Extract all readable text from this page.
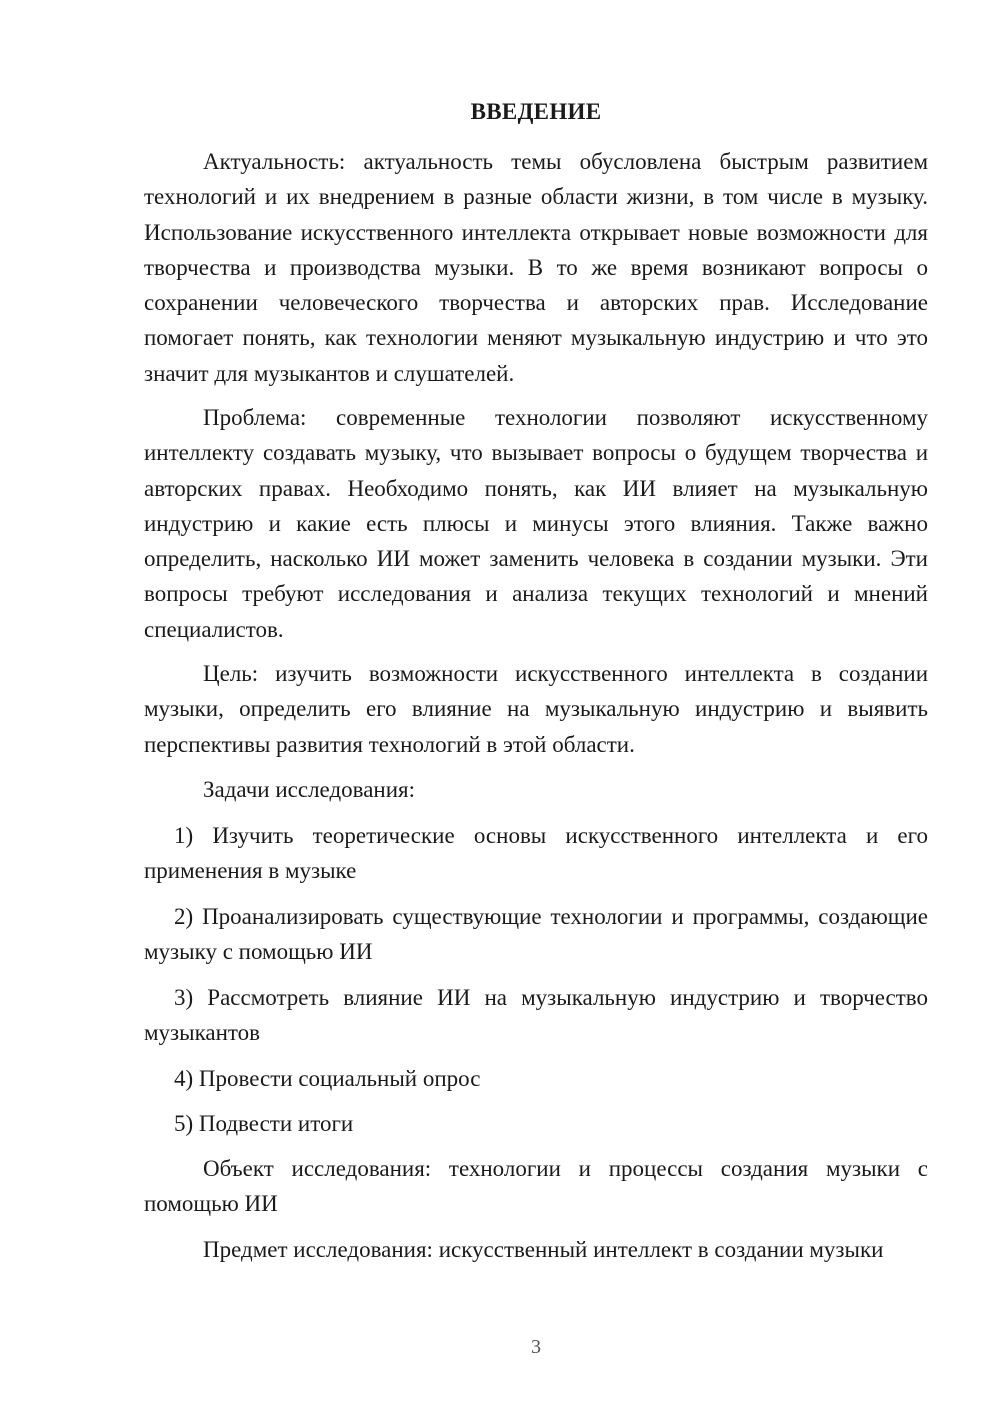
ВВЕДЕНИЕ

Актуальность: актуальность темы обусловлена быстрым развитием технологий и их внедрением в разные области жизни, в том числе в музыку. Использование искусственного интеллекта открывает новые возможности для творчества и производства музыки. В то же время возникают вопросы о сохранении человеческого творчества и авторских прав. Исследование помогает понять, как технологии меняют музыкальную индустрию и что это значит для музыкантов и слушателей.

Проблема: современные технологии позволяют искусственному интеллекту создавать музыку, что вызывает вопросы о будущем творчества и авторских правах. Необходимо понять, как ИИ влияет на музыкальную индустрию и какие есть плюсы и минусы этого влияния. Также важно определить, насколько ИИ может заменить человека в создании музыки. Эти вопросы требуют исследования и анализа текущих технологий и мнений специалистов.

Цель: изучить возможности искусственного интеллекта в создании музыки, определить его влияние на музыкальную индустрию и выявить перспективы развития технологий в этой области.

Задачи исследования:

1) Изучить теоретические основы искусственного интеллекта и его применения в музыке

2) Проанализировать существующие технологии и программы, создающие музыку с помощью ИИ

3) Рассмотреть влияние ИИ на музыкальную индустрию и творчество музыкантов

4) Провести социальный опрос

5) Подвести итоги

Объект исследования: технологии и процессы создания музыки с помощью ИИ

Предмет исследования: искусственный интеллект в создании музыки

3
